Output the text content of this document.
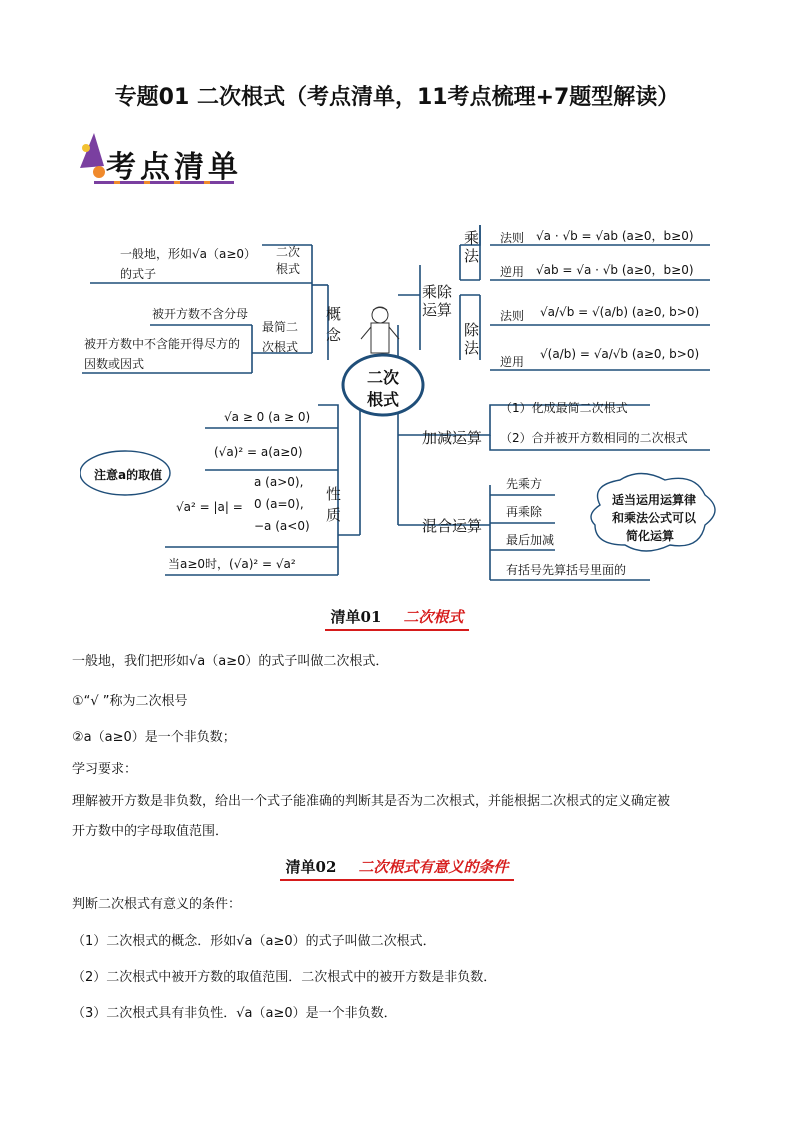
专题01 二次根式（考点清单，11考点梳理+7题型解读）
考点清单
二次
根式
概念
一般地，形如√a（a≥0）
的式子
二次根式
最简二次根式
被开方数不含分母
被开方数中不含能开得尽方的
因数或因式
性质
√a ≥ 0 (a ≥ 0)
(√a)² = a(a≥0)
√a² = |a| =
a (a>0),
0 (a=0),
−a (a<0)
注意a的取值
当a≥0时，(√a)² = √a²
乘除运算
乘法
除法
法则 √a · √b = √ab (a≥0，b≥0)
逆用 √ab = √a · √b (a≥0，b≥0)
法则 √a/√b = √(a/b) (a≥0, b>0)
逆用
√(a/b) = √a/√b (a≥0, b>0)
加减运算
（1）化成最简二次根式
（2）合并被开方数相同的二次根式
混合运算
先乘方
再乘除
最后加减
有括号先算括号里面的
适当运用运算律
和乘法公式可以
简化运算
清单01 二次根式
一般地，我们把形如√a（a≥0）的式子叫做二次根式．
①“√ ”称为二次根号
②a（a≥0）是一个非负数；
学习要求：
理解被开方数是非负数，给出一个式子能准确的判断其是否为二次根式，并能根据二次根式的定义确定被
开方数中的字母取值范围．
清单02 二次根式有意义的条件
判断二次根式有意义的条件：
（1）二次根式的概念．形如√a（a≥0）的式子叫做二次根式．
（2）二次根式中被开方数的取值范围．二次根式中的被开方数是非负数．
（3）二次根式具有非负性．√a（a≥0）是一个非负数．
